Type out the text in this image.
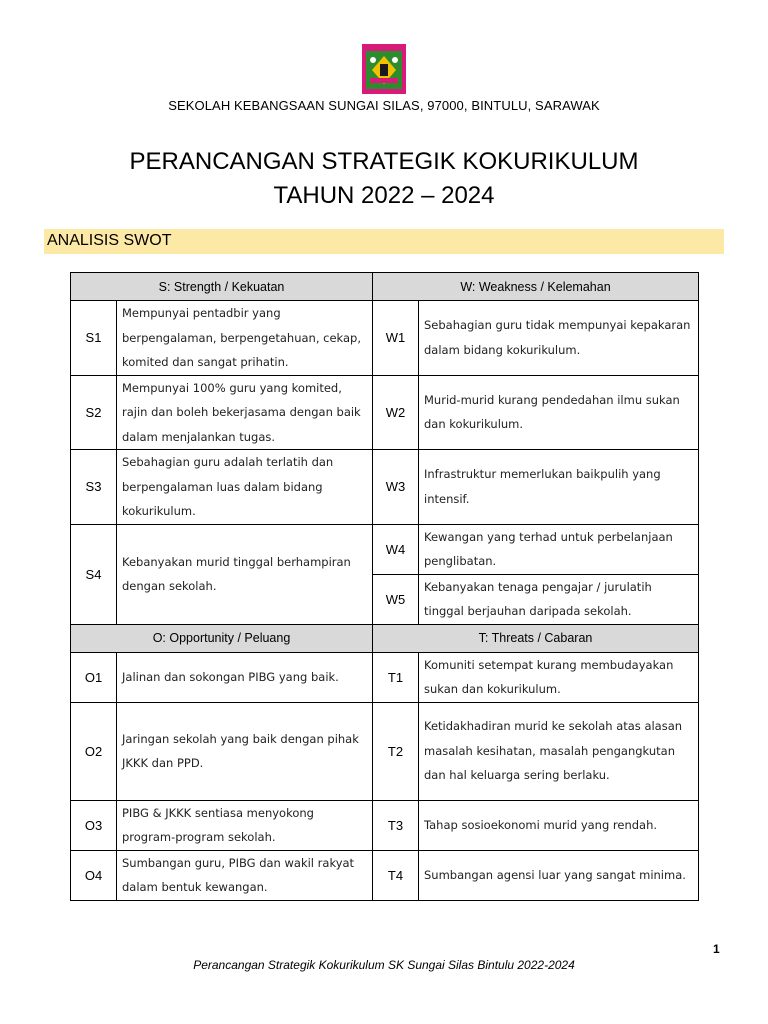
SEKOLAH KEBANGSAAN SUNGAI SILAS, 97000, BINTULU, SARAWAK
PERANCANGAN STRATEGIK KOKURIKULUM
TAHUN 2022 – 2024
ANALISIS SWOT
S: Strength / Kekuatan		W: Weakness / Kelemahan	
S1	Mempunyai pentadbir yang berpengalaman, berpengetahuan, cekap, komited dan sangat prihatin.	W1	Sebahagian guru tidak mempunyai kepakaran dalam bidang kokurikulum.
S2	Mempunyai 100% guru yang komited, rajin dan boleh bekerjasama dengan baik dalam menjalankan tugas.	W2	Murid-murid kurang pendedahan ilmu sukan dan kokurikulum.
S3	Sebahagian guru adalah terlatih dan berpengalaman luas dalam bidang kokurikulum.	W3	Infrastruktur memerlukan baikpulih yang intensif.
S4	Kebanyakan murid tinggal berhampiran dengan sekolah.	W4	Kewangan yang terhad untuk perbelanjaan penglibatan.
		W5	Kebanyakan tenaga pengajar / jurulatih tinggal berjauhan daripada sekolah.
O: Opportunity / Peluang		T: Threats / Cabaran	
O1	Jalinan dan sokongan PIBG yang baik.	T1	Komuniti setempat kurang membudayakan sukan dan kokurikulum.
O2	Jaringan sekolah yang baik dengan pihak JKKK dan PPD.	T2	Ketidakhadiran murid ke sekolah atas alasan masalah kesihatan, masalah pengangkutan dan hal keluarga sering berlaku.
O3	PIBG & JKKK sentiasa menyokong program-program sekolah.	T3	Tahap sosioekonomi murid yang rendah.
O4	Sumbangan guru, PIBG dan wakil rakyat dalam bentuk kewangan.	T4	Sumbangan agensi luar yang sangat minima.
1
Perancangan Strategik Kokurikulum SK Sungai Silas Bintulu 2022-2024
